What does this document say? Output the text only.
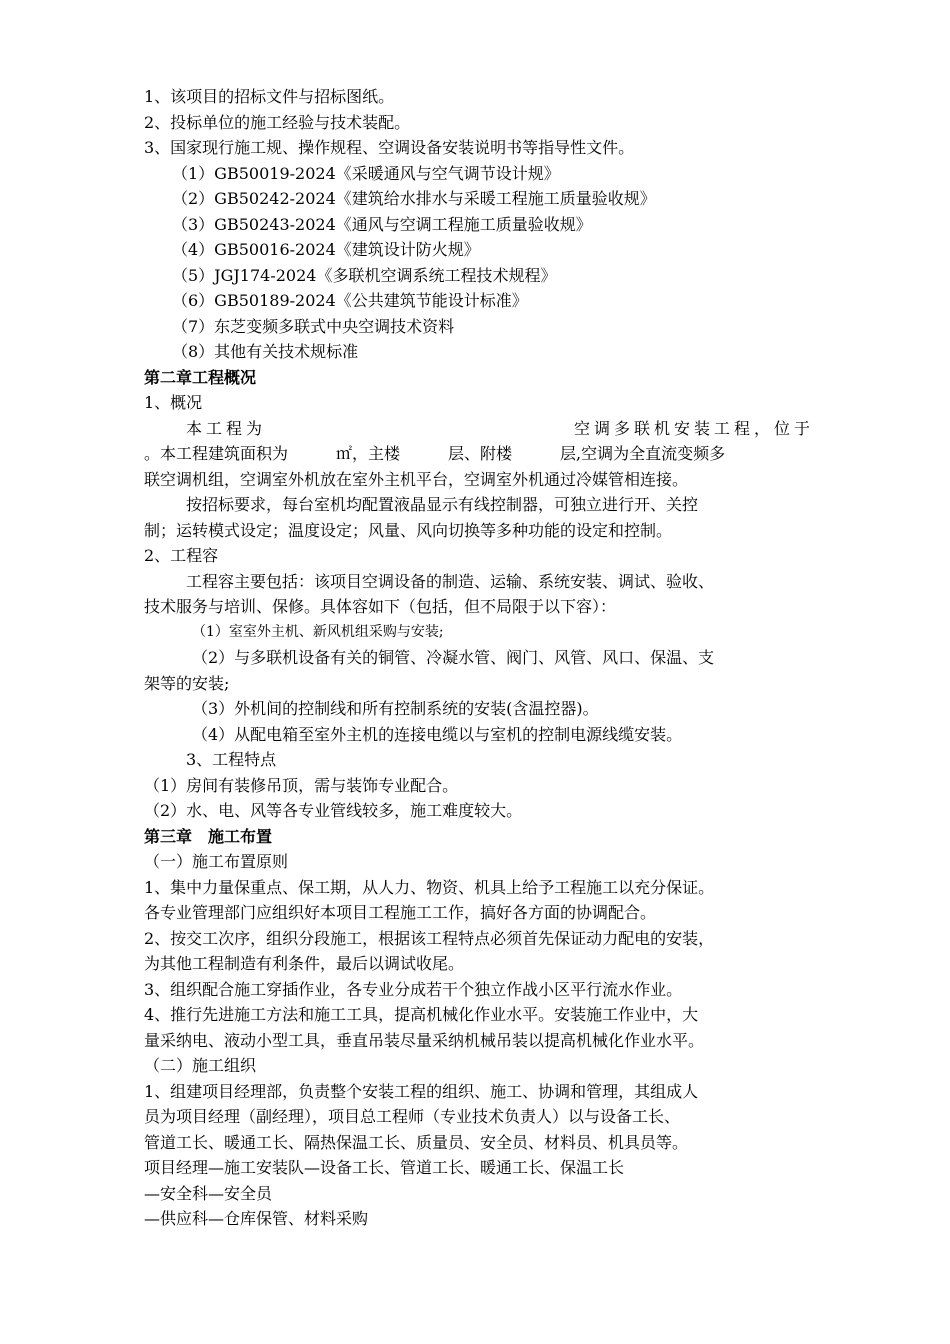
1、该项目的招标文件与招标图纸。
2、投标单位的施工经验与技术装配。
3、国家现行施工规、操作规程、空调设备安装说明书等指导性文件。
（1）GB50019-2024《采暖通风与空气调节设计规》
（2）GB50242-2024《建筑给水排水与采暖工程施工质量验收规》
（3）GB50243-2024《通风与空调工程施工质量验收规》
（4）GB50016-2024《建筑设计防火规》
（5）JGJ174-2024《多联机空调系统工程技术规程》
（6）GB50189-2024《公共建筑节能设计标准》
（7）东芝变频多联式中央空调技术资料
（8）其他有关技术规标准
第二章工程概况
1、概况
本工程为	空调多联机安装工程，位于
。本工程建筑面积为　　　㎡，主楼　　　层、附楼　　　层,空调为全直流变频多
联空调机组，空调室外机放在室外主机平台，空调室外机通过冷媒管相连接。
按招标要求，每台室机均配置液晶显示有线控制器，可独立进行开、关控
制；运转模式设定；温度设定；风量、风向切换等多种功能的设定和控制。
2、工程容
工程容主要包括：该项目空调设备的制造、运输、系统安装、调试、验收、
技术服务与培训、保修。具体容如下（包括，但不局限于以下容）：
（1）室室外主机、新风机组采购与安装;
（2）与多联机设备有关的铜管、冷凝水管、阀门、风管、风口、保温、支
架等的安装;
（3）外机间的控制线和所有控制系统的安装(含温控器)。
（4）从配电箱至室外主机的连接电缆以与室机的控制电源线缆安装。
3、工程特点
（1）房间有装修吊顶，需与装饰专业配合。
（2）水、电、风等各专业管线较多，施工难度较大。
第三章　施工布置
（一）施工布置原则
1、集中力量保重点、保工期，从人力、物资、机具上给予工程施工以充分保证。
各专业管理部门应组织好本项目工程施工工作，搞好各方面的协调配合。
2、按交工次序，组织分段施工，根据该工程特点必须首先保证动力配电的安装，
为其他工程制造有利条件，最后以调试收尾。
3、组织配合施工穿插作业，各专业分成若干个独立作战小区平行流水作业。
4、推行先进施工方法和施工工具，提高机械化作业水平。安装施工作业中，大
量采纳电、液动小型工具，垂直吊装尽量采纳机械吊装以提高机械化作业水平。
（二）施工组织
1、组建项目经理部，负责整个安装工程的组织、施工、协调和管理，其组成人
员为项目经理（副经理），项目总工程师（专业技术负责人）以与设备工长、
管道工长、暖通工长、隔热保温工长、质量员、安全员、材料员、机具员等。
项目经理—施工安装队—设备工长、管道工长、暖通工长、保温工长
—安全科—安全员
—供应科—仓库保管、材料采购
